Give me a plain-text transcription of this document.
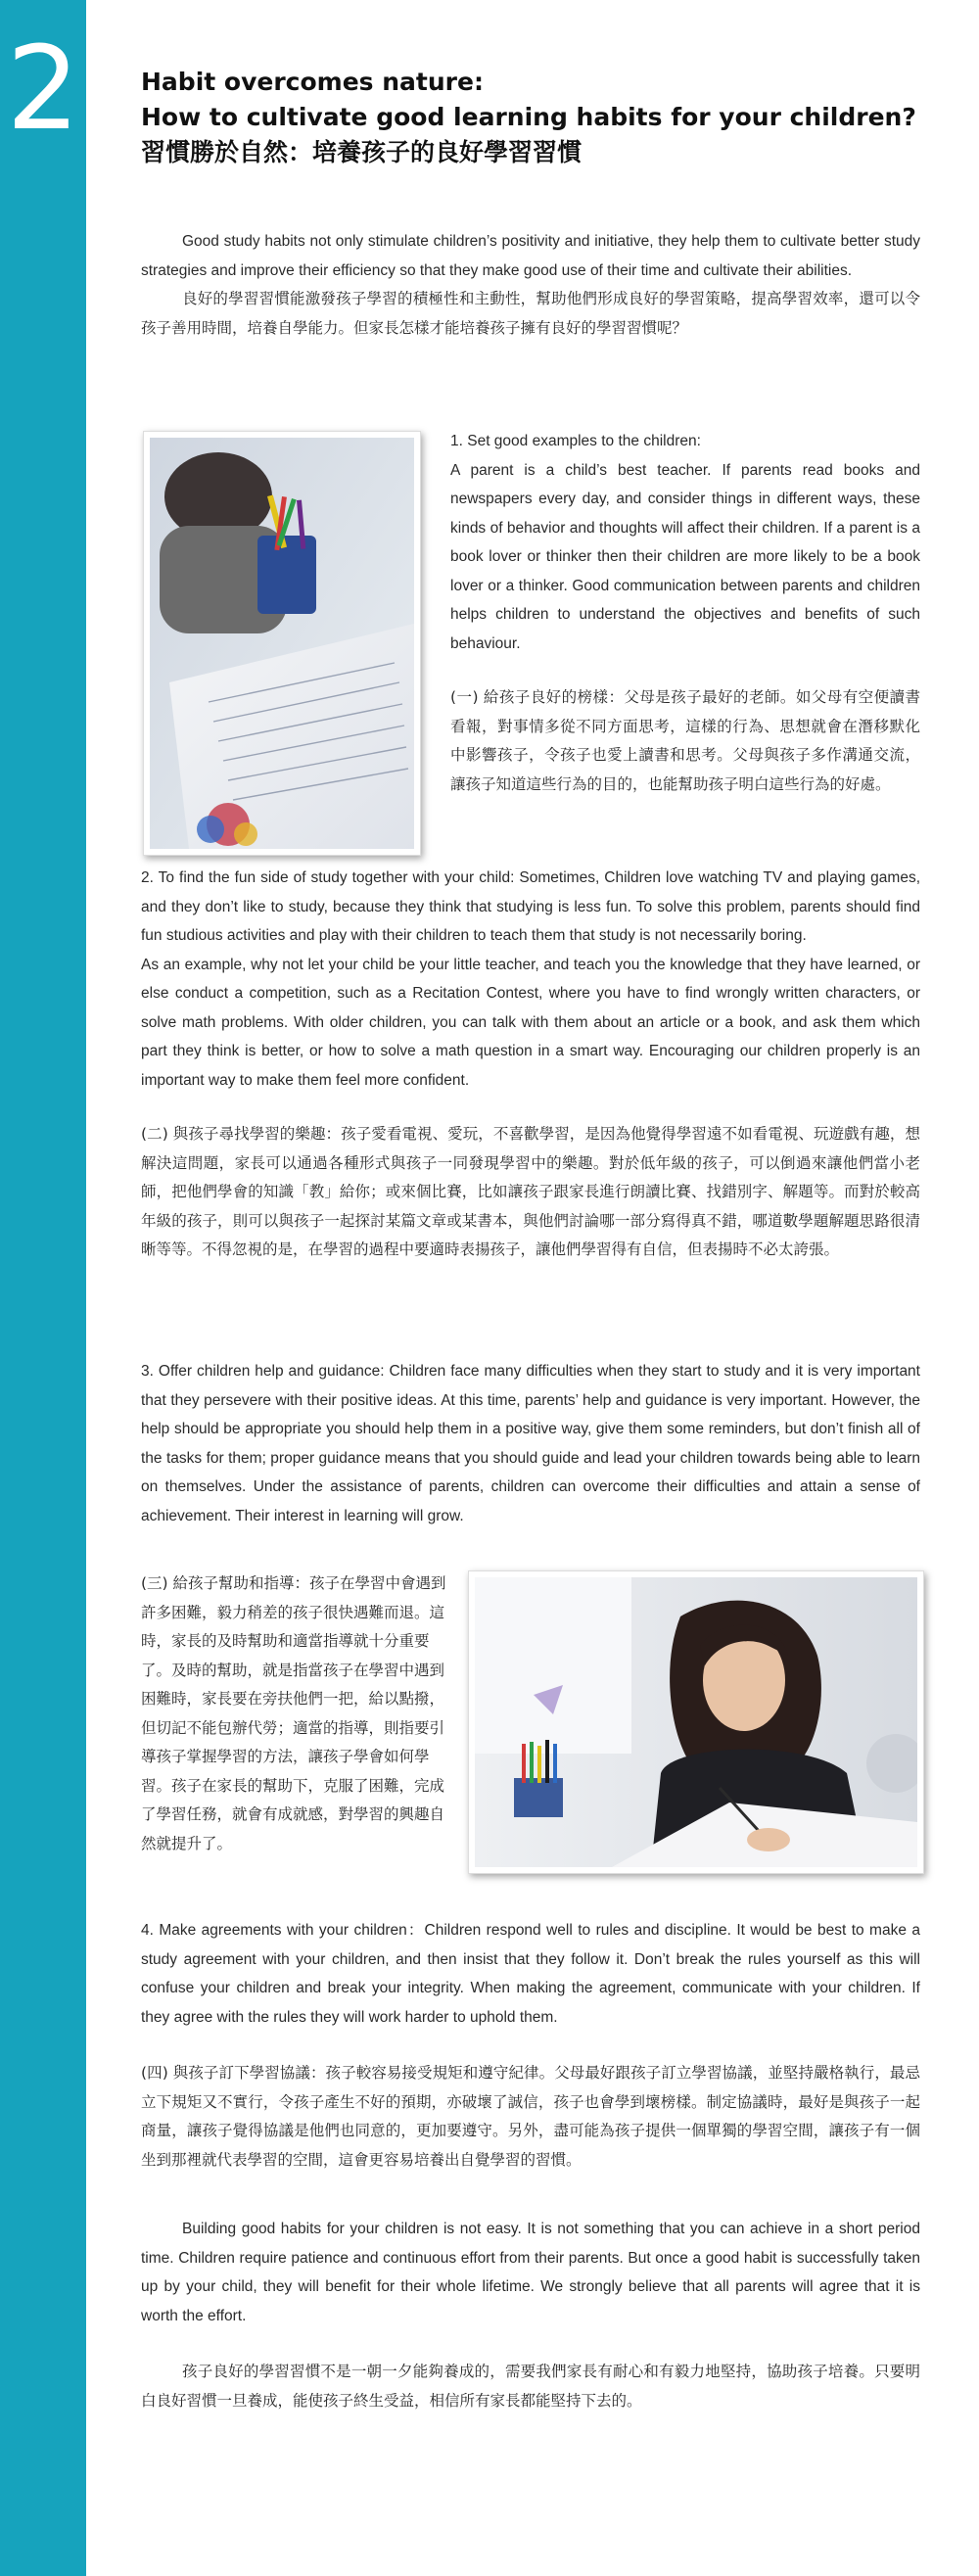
2 Habit overcomes nature:
How to cultivate good learning habits for your children?
習慣勝於自然：培養孩子的良好學習習慣

Good study habits not only stimulate children’s positivity and initiative, they help them to cultivate better study strategies and improve their efficiency so that they make good use of their time and cultivate their abilities.

良好的學習習慣能激發孩子學習的積極性和主動性，幫助他們形成良好的學習策略，提高學習效率，還可以令孩子善用時間，培養自學能力。但家長怎樣才能培養孩子擁有良好的學習習慣呢？

1. Set good examples to the children:

A parent is a child’s best teacher. If parents read books and newspapers every day, and consider things in different ways, these kinds of behavior and thoughts will affect their children. If a parent is a book lover or thinker then their children are more likely to be a book lover or a thinker. Good communication between parents and children helps children to understand the objectives and benefits of such behaviour.

(一) 給孩子良好的榜樣：父母是孩子最好的老師。如父母有空便讀書看報，對事情多從不同方面思考，這樣的行為、思想就會在潛移默化中影響孩子，令孩子也愛上讀書和思考。父母與孩子多作溝通交流，讓孩子知道這些行為的目的，也能幫助孩子明白這些行為的好處。

2. To find the fun side of study together with your child: Sometimes, Children love watching TV and playing games, and they don’t like to study, because they think that studying is less fun. To solve this problem, parents should find fun studious activities and play with their children to teach them that study is not necessarily boring.

As an example, why not let your child be your little teacher, and teach you the knowledge that they have learned, or else conduct a competition, such as a Recitation Contest, where you have to find wrongly written characters, or solve math problems. With older children, you can talk with them about an article or a book, and ask them which part they think is better, or how to solve a math question in a smart way. Encouraging our children properly is an important way to make them feel more confident.

(二) 與孩子尋找學習的樂趣：孩子愛看電視、愛玩，不喜歡學習，是因為他覺得學習遠不如看電視、玩遊戲有趣，想解決這問題，家長可以通過各種形式與孩子一同發現學習中的樂趣。對於低年級的孩子，可以倒過來讓他們當小老師，把他們學會的知識「教」給你；或來個比賽，比如讓孩子跟家長進行朗讀比賽、找錯別字、解題等。而對於較高年級的孩子，則可以與孩子一起探討某篇文章或某書本，與他們討論哪一部分寫得真不錯，哪道數學題解題思路很清晰等等。不得忽視的是，在學習的過程中要適時表揚孩子，讓他們學習得有自信，但表揚時不必太誇張。

3. Offer children help and guidance: Children face many difficulties when they start to study and it is very important that they persevere with their positive ideas. At this time, parents’ help and guidance is very important. However, the help should be appropriate you should help them in a positive way, give them some reminders, but don’t finish all of the tasks for them; proper guidance means that you should guide and lead your children towards being able to learn on themselves. Under the assistance of parents, children can overcome their difficulties and attain a sense of achievement. Their interest in learning will grow.

(三) 給孩子幫助和指導：孩子在學習中會遇到許多困難，毅力稍差的孩子很快遇難而退。這時，家長的及時幫助和適當指導就十分重要了。及時的幫助，就是指當孩子在學習中遇到困難時，家長要在旁扶他們一把，給以點撥，但切記不能包辦代勞；適當的指導，則指要引導孩子掌握學習的方法，讓孩子學會如何學習。孩子在家長的幫助下，克服了困難，完成了學習任務，就會有成就感，對學習的興趣自然就提升了。

4. Make agreements with your children：Children respond well to rules and discipline. It would be best to make a study agreement with your children, and then insist that they follow it. Don’t break the rules yourself as this will confuse your children and break your integrity. When making the agreement, communicate with your children. If they agree with the rules they will work harder to uphold them.

(四) 與孩子訂下學習協議：孩子較容易接受規矩和遵守紀律。父母最好跟孩子訂立學習協議，並堅持嚴格執行，最忌立下規矩又不實行，令孩子產生不好的預期，亦破壞了誠信，孩子也會學到壞榜樣。制定協議時，最好是與孩子一起商量，讓孩子覺得協議是他們也同意的，更加要遵守。另外，盡可能為孩子提供一個單獨的學習空間，讓孩子有一個坐到那裡就代表學習的空間，這會更容易培養出自覺學習的習慣。

Building good habits for your children is not easy. It is not something that you can achieve in a short period time. Children require patience and continuous effort from their parents. But once a good habit is successfully taken up by your child, they will benefit for their whole lifetime. We strongly believe that all parents will agree that it is worth the effort.

孩子良好的學習習慣不是一朝一夕能夠養成的，需要我們家長有耐心和有毅力地堅持，協助孩子培養。只要明白良好習慣一旦養成，能使孩子終生受益，相信所有家長都能堅持下去的。
